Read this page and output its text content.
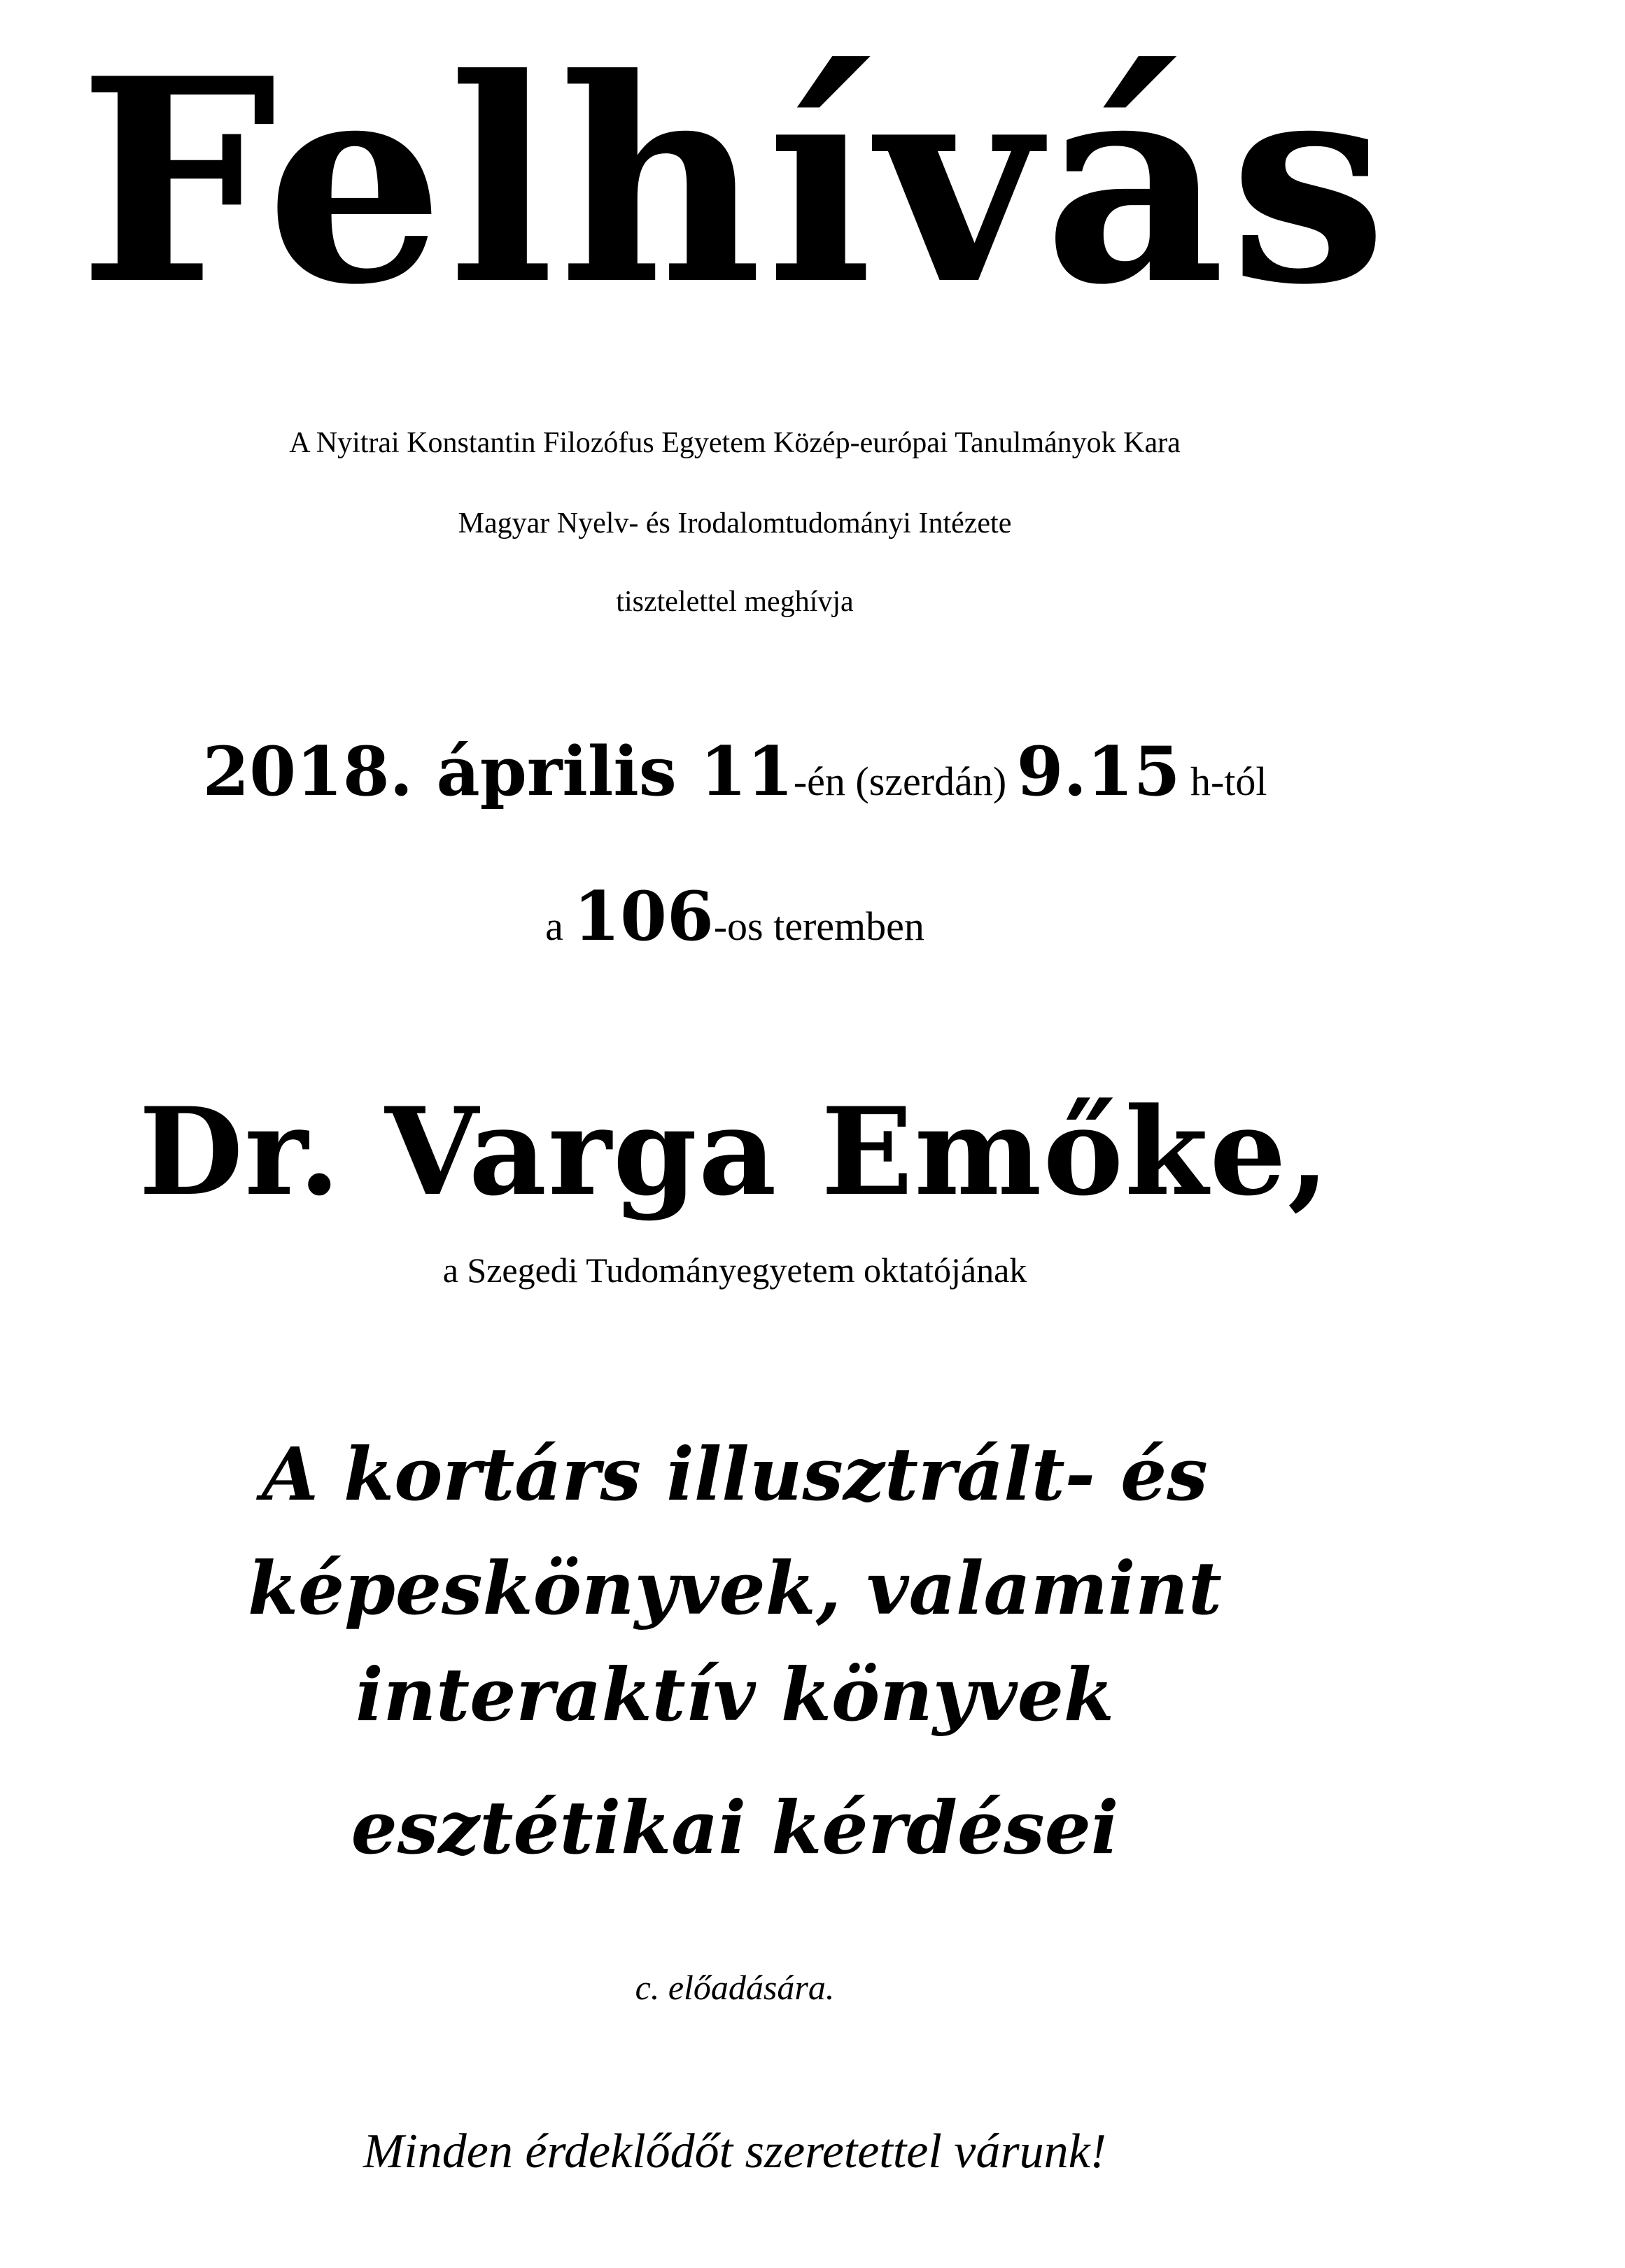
Felhívás
A Nyitrai Konstantin Filozófus Egyetem Közép-európai Tanulmányok Kara
Magyar Nyelv- és Irodalomtudományi Intézete
tisztelettel meghívja
2018. április 11-én (szerdán) 9.15 h-tól
a 106-os teremben
Dr. Varga Emőke,
a Szegedi Tudományegyetem oktatójának
A kortárs illusztrált- és
képeskönyvek, valamint
interaktív könyvek
esztétikai kérdései
c. előadására.
Minden érdeklődőt szeretettel várunk!
